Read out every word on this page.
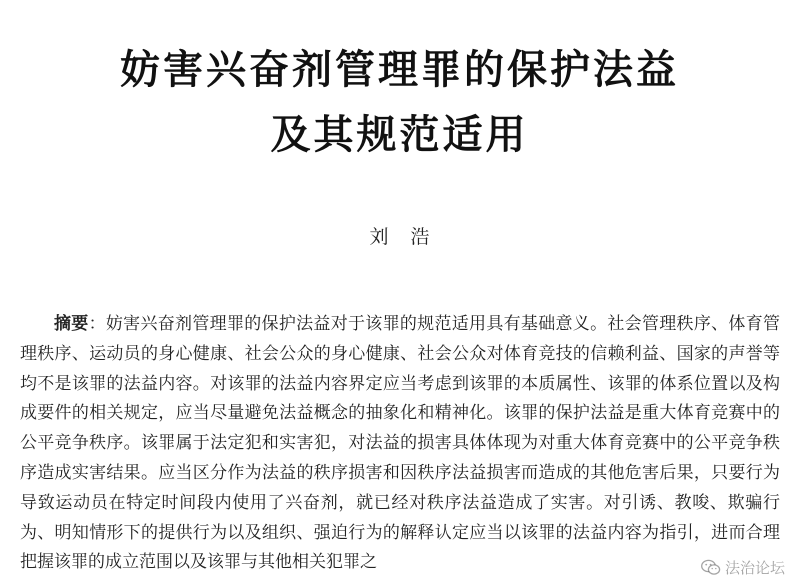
妨害兴奋剂管理罪的保护法益
及其规范适用
刘浩

摘要：妨害兴奋剂管理罪的保护法益对于该罪的规范适用具有基础意义。社会管理秩序、体育管理秩序、运动员的身心健康、社会公众的身心健康、社会公众对体育竞技的信赖利益、国家的声誉等均不是该罪的法益内容。对该罪的法益内容界定应当考虑到该罪的本质属性、该罪的体系位置以及构成要件的相关规定，应当尽量避免法益概念的抽象化和精神化。该罪的保护法益是重大体育竞赛中的公平竞争秩序。该罪属于法定犯和实害犯，对法益的损害具体体现为对重大体育竞赛中的公平竞争秩序造成实害结果。应当区分作为法益的秩序损害和因秩序法益损害而造成的其他危害后果，只要行为导致运动员在特定时间段内使用了兴奋剂，就已经对秩序法益造成了实害。对引诱、教唆、欺骗行为、明知情形下的提供行为以及组织、强迫行为的解释认定应当以该罪的法益内容为指引，进而合理把握该罪的成立范围以及该罪与其他相关犯罪之	法治论坛
